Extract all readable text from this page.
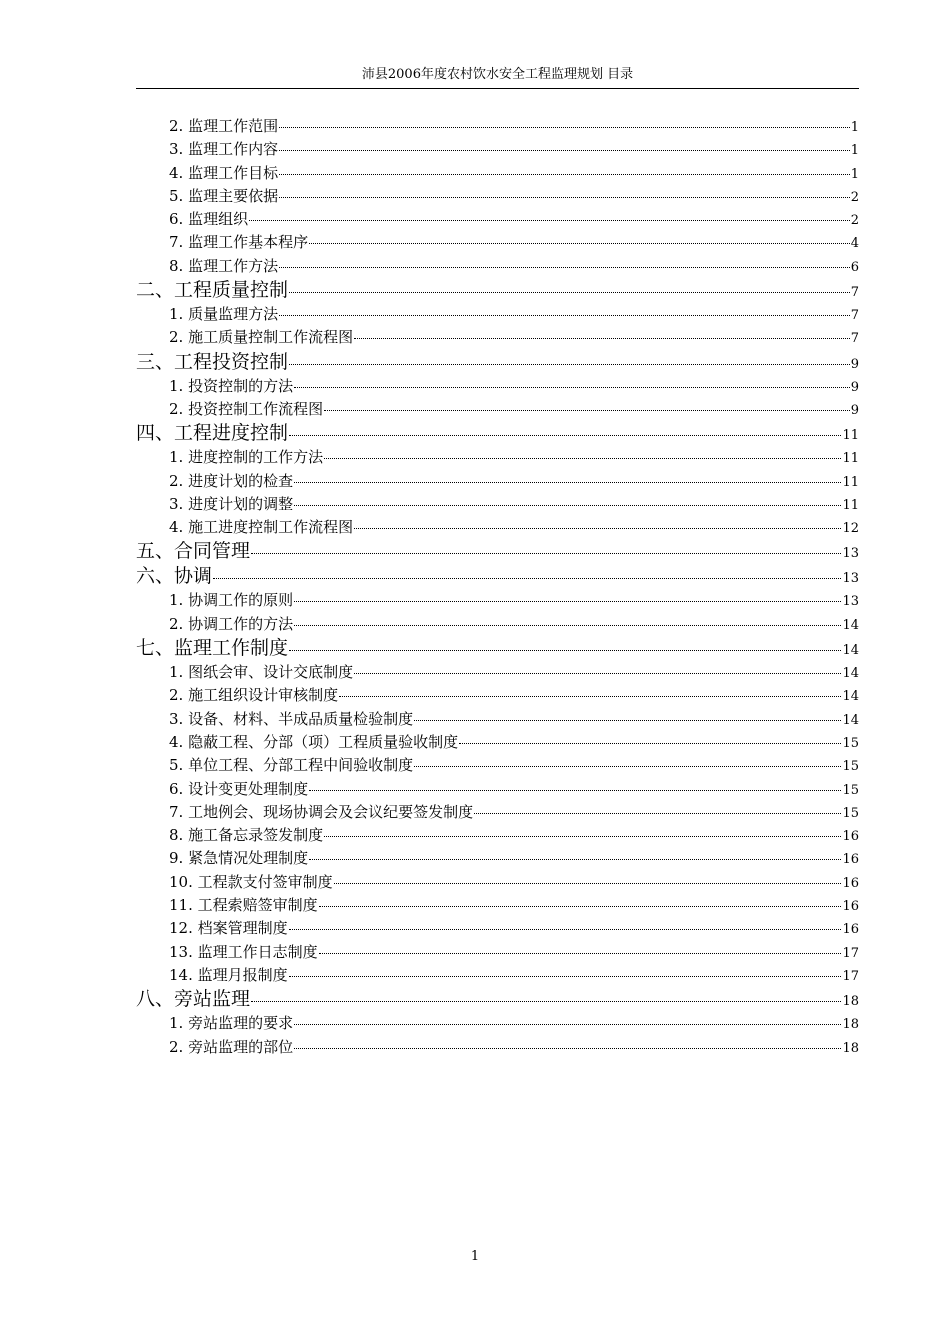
沛县2006年度农村饮水安全工程监理规划 目录
2. 监理工作范围	1
3. 监理工作内容	1
4. 监理工作目标	1
5. 监理主要依据	2
6. 监理组织	2
7. 监理工作基本程序	4
8. 监理工作方法	6
二、工程质量控制	7
1. 质量监理方法	7
2. 施工质量控制工作流程图	7
三、工程投资控制	9
1. 投资控制的方法	9
2. 投资控制工作流程图	9
四、工程进度控制	11
1. 进度控制的工作方法	11
2. 进度计划的检查	11
3. 进度计划的调整	11
4. 施工进度控制工作流程图	12
五、合同管理	13
六、协调	13
1. 协调工作的原则	13
2. 协调工作的方法	14
七、监理工作制度	14
1. 图纸会审、设计交底制度	14
2. 施工组织设计审核制度	14
3. 设备、材料、半成品质量检验制度	14
4. 隐蔽工程、分部（项）工程质量验收制度	15
5. 单位工程、分部工程中间验收制度	15
6. 设计变更处理制度	15
7. 工地例会、现场协调会及会议纪要签发制度	15
8. 施工备忘录签发制度	16
9. 紧急情况处理制度	16
10. 工程款支付签审制度	16
11. 工程索赔签审制度	16
12. 档案管理制度	16
13. 监理工作日志制度	17
14. 监理月报制度	17
八、旁站监理	18
1. 旁站监理的要求	18
2. 旁站监理的部位	18
1
